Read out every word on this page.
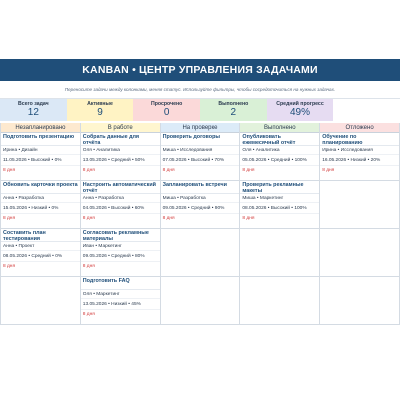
KANBAN • ЦЕНТР УПРАВЛЕНИЯ ЗАДАЧАМИ
Переносите задачи между колонками, меняя статус. Используйте фильтры, чтобы сосредоточиться на нужных задачах.
Всего задач
12
Активные
9
Просрочено
0
Выполнено
2
Средний прогресс
49%
Незапланировано
Подготовить презентацию
Ирина • Дизайн
11.05.2026 • Высокий • 0%
8 дня
Обновить карточки проекта
Анна • Разработка
15.05.2026 • Низкий • 0%
8 дня
Составить план тестирования
Анна • Проект
08.05.2026 • Средний • 0%
8 дня
В работе
Собрать данные для отчёта
Оля • Аналитика
13.05.2026 • Средний • 50%
8 дня
Настроить автоматический отчёт
Анна • Разработка
04.05.2026 • Высокий • 60%
8 дня
Согласовать рекламные материалы
Иван • Маркетинг
09.05.2026 • Средний • 80%
8 дня
Подготовить FAQ
Оля • Маркетинг
13.05.2026 • Низкий • 45%
8 дня
На проверке
Проверить договоры
Миша • Исследования
07.05.2026 • Высокий • 70%
8 дня
Запланировать встречи
Миша • Разработка
09.05.2026 • Средний • 90%
8 дня
Выполнено
Опубликовать ежемесячный отчёт
Оля • Аналитика
05.05.2026 • Средний • 100%
8 дня
Проверить рекламные макеты
Миша • Маркетинг
08.05.2026 • Высокий • 100%
8 дня
Отложено
Обучение по планированию
Ирина • Исследования
16.05.2026 • Низкий • 20%
8 дня
